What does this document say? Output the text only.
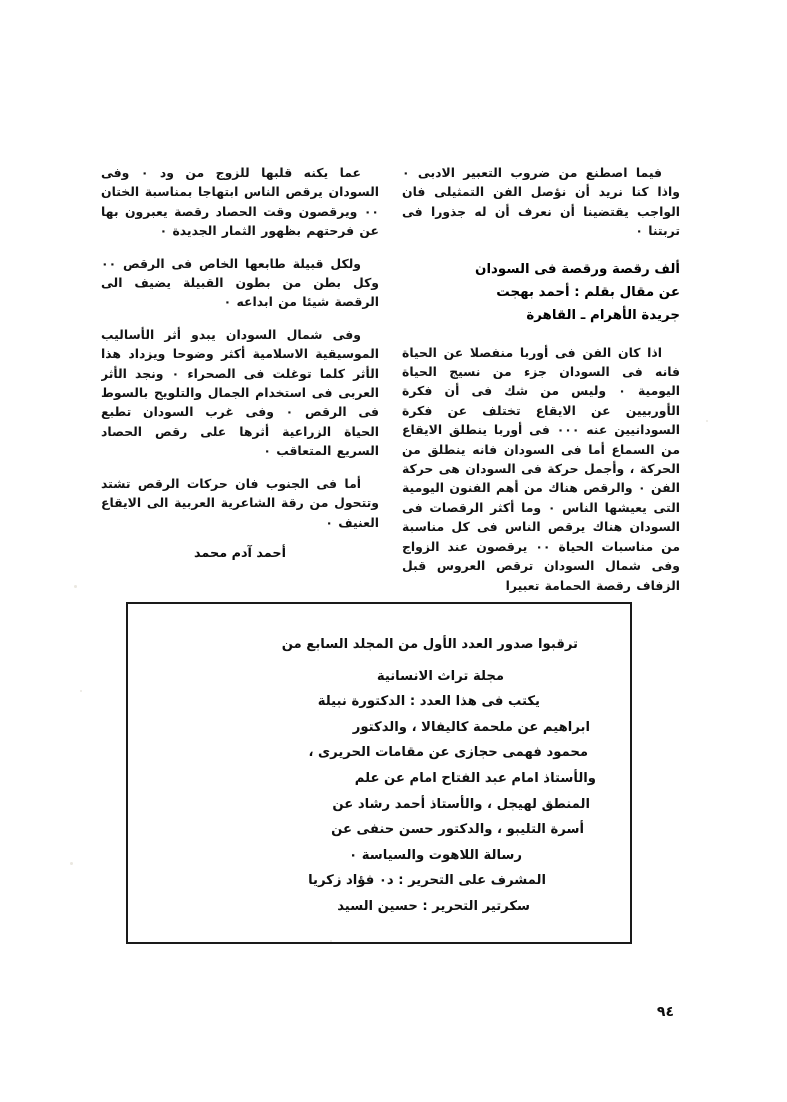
فيما اصطنع من ضروب التعبير الادبى ٠ واذا كنا نريد أن نؤصل الفن التمثيلى فان الواجب يقتضينا أن نعرف أن له جذورا فى تربتنا ٠

ألف رقصة ورقصة فى السودان
عن مقال بقلم : أحمد بهجت
جريدة الأهرام ـ القاهرة

اذا كان الفن فى أوربا منفصلا عن الحياة فانه فى السودان جزء من نسيج الحياة اليومية ٠ وليس من شك فى أن فكرة الأوربيين عن الايقاع تختلف عن فكرة السودانيين عنه ٠٠٠ فى أوربا ينطلق الايقاع من السماع أما فى السودان فانه ينطلق من الحركة ، وأجمل حركة فى السودان هى حركة الفن ٠ والرقص هناك من أهم الفنون اليومية التى يعيشها الناس ٠ وما أكثر الرقصات فى السودان هناك يرقص الناس فى كل مناسبة من مناسبات الحياة ٠٠ يرقصون عند الزواج وفى شمال السودان ترقص العروس قبل الزفاف رقصة الحمامة تعبيرا

عما يكنه قلبها للزوج من ود ٠ وفى السودان يرقص الناس ابتهاجا بمناسبة الختان ٠٠ ويرقصون وقت الحصاد رقصة يعبرون بها عن فرحتهم بظهور الثمار الجديدة ٠

ولكل قبيلة طابعها الخاص فى الرقص ٠٠ وكل بطن من بطون القبيلة يضيف الى الرقصة شيئا من ابداعه ٠

وفى شمال السودان يبدو أثر الأساليب الموسيقية الاسلامية أكثر وضوحا ويزداد هذا الأثر كلما توغلت فى الصحراء ٠ ونجد الأثر العربى فى استخدام الجمال والتلويح بالسوط فى الرقص ٠ وفى غرب السودان تطبع الحياة الزراعية أثرها على رقص الحصاد السريع المتعاقب ٠

أما فى الجنوب فان حركات الرقص تشتد وتتحول من رقة الشاعرية العربية الى الايقاع العنيف ٠

أحمد آدم محمد
ترقبوا صدور العدد الأول من المجلد السابع من
مجلة تراث الانسانية
يكتب فى هذا العدد : الدكتورة نبيلة
ابراهيم عن ملحمة كاليفالا ، والدكتور
محمود فهمى حجازى عن مقامات الحريرى ،
والأستاذ امام عبد الفتاح امام عن علم
المنطق لهيجل ، والأستاذ أحمد رشاد عن
أسرة التليبو ، والدكتور حسن حنفى عن
رسالة اللاهوت والسياسة ٠
المشرف على التحرير : د٠ فؤاد زكريا
سكرتير التحرير : حسين السيد
٩٤
